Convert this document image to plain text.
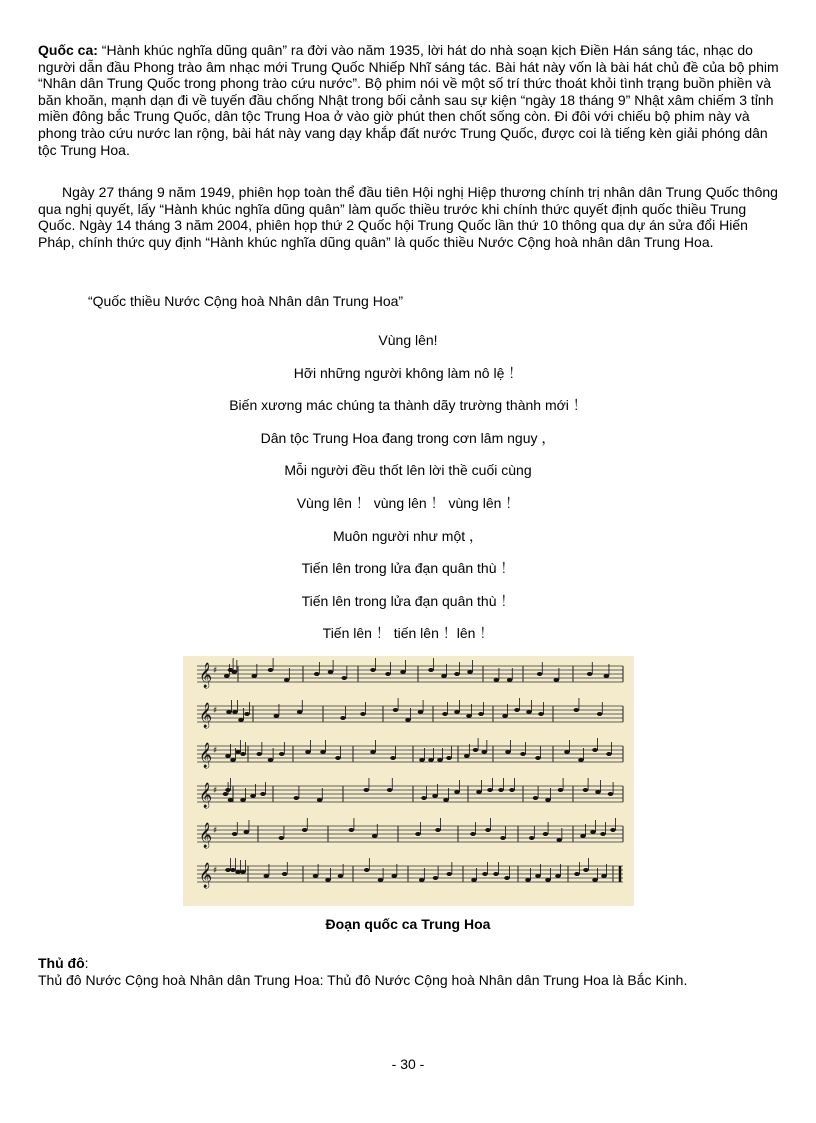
Quốc ca: “Hành khúc nghĩa dũng quân” ra đời vào năm 1935, lời hát do nhà soạn kịch Điền Hán sáng tác, nhạc do người dẫn đầu Phong trào âm nhạc mới Trung Quốc Nhiếp Nhĩ sáng tác. Bài hát này vốn là bài hát chủ đề của bộ phim “Nhân dân Trung Quốc trong phong trào cứu nước”. Bộ phim nói về một số trí thức thoát khỏi tình trạng buồn phiền và băn khoăn, mạnh dạn đi về tuyến đầu chống Nhật trong bối cảnh sau sự kiện “ngày 18 tháng 9” Nhật xâm chiếm 3 tỉnh miền đông bắc Trung Quốc, dân tộc Trung Hoa ở vào giờ phút then chốt sống còn. Đi đôi với chiếu bộ phim này và phong trào cứu nước lan rộng, bài hát này vang dạy khắp đất nước Trung Quốc, được coi là tiếng kèn giải phóng dân tộc Trung Hoa.

Ngày 27 tháng 9 năm 1949, phiên họp toàn thể đầu tiên Hội nghị Hiệp thương chính trị nhân dân Trung Quốc thông qua nghị quyết, lấy “Hành khúc nghĩa dũng quân” làm quốc thiều trước khi chính thức quyết định quốc thiều Trung Quốc. Ngày 14 tháng 3 năm 2004, phiên họp thứ 2 Quốc hội Trung Quốc lần thứ 10 thông qua dự án sửa đổi Hiến Pháp, chính thức quy định “Hành khúc nghĩa dũng quân” là quốc thiều Nước Cộng hoà nhân dân Trung Hoa.

“Quốc thiều Nước Cộng hoà Nhân dân Trung Hoa”

Vùng lên!

Hỡi những người không làm nô lệ ！

Biến xương mác chúng ta thành dãy trường thành mới ！

Dân tộc Trung Hoa đang trong cơn lâm nguy ，

Mỗi người đều thốt lên lời thề cuối cùng

Vùng lên ！ vùng lên ！ vùng lên ！

Muôn người như một ，

Tiến lên trong lửa đạn quân thù ！

Tiến lên trong lửa đạn quân thù ！

Tiến lên ！ tiến lên ！lên ！

𝄞 ♯
𝄞 ♯
𝄞 ♯
𝄞 ♯
𝄞 ♯
𝄞 ♯

Đoạn quốc ca Trung Hoa

Thủ đô:

Thủ đô Nước Cộng hoà Nhân dân Trung Hoa: Thủ đô Nước Cộng hoà Nhân dân Trung Hoa là Bắc Kinh.

- 30 -
